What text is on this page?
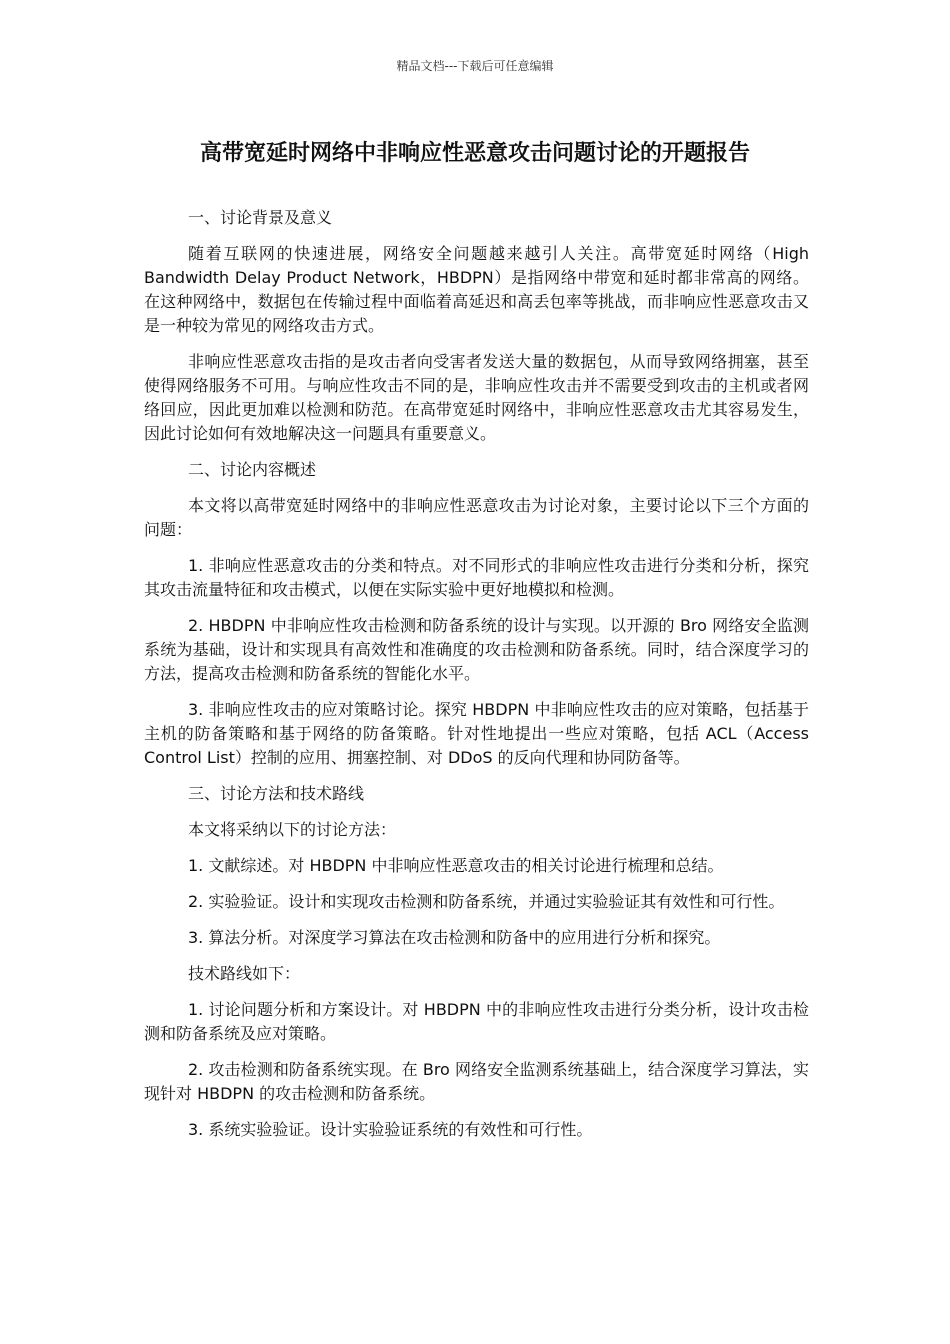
精品文档---下载后可任意编辑
高带宽延时网络中非响应性恶意攻击问题讨论的开题报告

一、讨论背景及意义

随着互联网的快速进展，网络安全问题越来越引人关注。高带宽延时网络（High Bandwidth Delay Product Network，HBDPN）是指网络中带宽和延时都非常高的网络。在这种网络中，数据包在传输过程中面临着高延迟和高丢包率等挑战，而非响应性恶意攻击又是一种较为常见的网络攻击方式。

非响应性恶意攻击指的是攻击者向受害者发送大量的数据包，从而导致网络拥塞，甚至使得网络服务不可用。与响应性攻击不同的是，非响应性攻击并不需要受到攻击的主机或者网络回应，因此更加难以检测和防范。在高带宽延时网络中，非响应性恶意攻击尤其容易发生，因此讨论如何有效地解决这一问题具有重要意义。

二、讨论内容概述

本文将以高带宽延时网络中的非响应性恶意攻击为讨论对象，主要讨论以下三个方面的问题：

1. 非响应性恶意攻击的分类和特点。对不同形式的非响应性攻击进行分类和分析，探究其攻击流量特征和攻击模式，以便在实际实验中更好地模拟和检测。

2. HBDPN 中非响应性攻击检测和防备系统的设计与实现。以开源的 Bro 网络安全监测系统为基础，设计和实现具有高效性和准确度的攻击检测和防备系统。同时，结合深度学习的方法，提高攻击检测和防备系统的智能化水平。

3. 非响应性攻击的应对策略讨论。探究 HBDPN 中非响应性攻击的应对策略，包括基于主机的防备策略和基于网络的防备策略。针对性地提出一些应对策略，包括 ACL（Access Control List）控制的应用、拥塞控制、对 DDoS 的反向代理和协同防备等。

三、讨论方法和技术路线

本文将采纳以下的讨论方法：

1. 文献综述。对 HBDPN 中非响应性恶意攻击的相关讨论进行梳理和总结。

2. 实验验证。设计和实现攻击检测和防备系统，并通过实验验证其有效性和可行性。

3. 算法分析。对深度学习算法在攻击检测和防备中的应用进行分析和探究。

技术路线如下：

1. 讨论问题分析和方案设计。对 HBDPN 中的非响应性攻击进行分类分析，设计攻击检测和防备系统及应对策略。

2. 攻击检测和防备系统实现。在 Bro 网络安全监测系统基础上，结合深度学习算法，实现针对 HBDPN 的攻击检测和防备系统。

3. 系统实验验证。设计实验验证系统的有效性和可行性。
